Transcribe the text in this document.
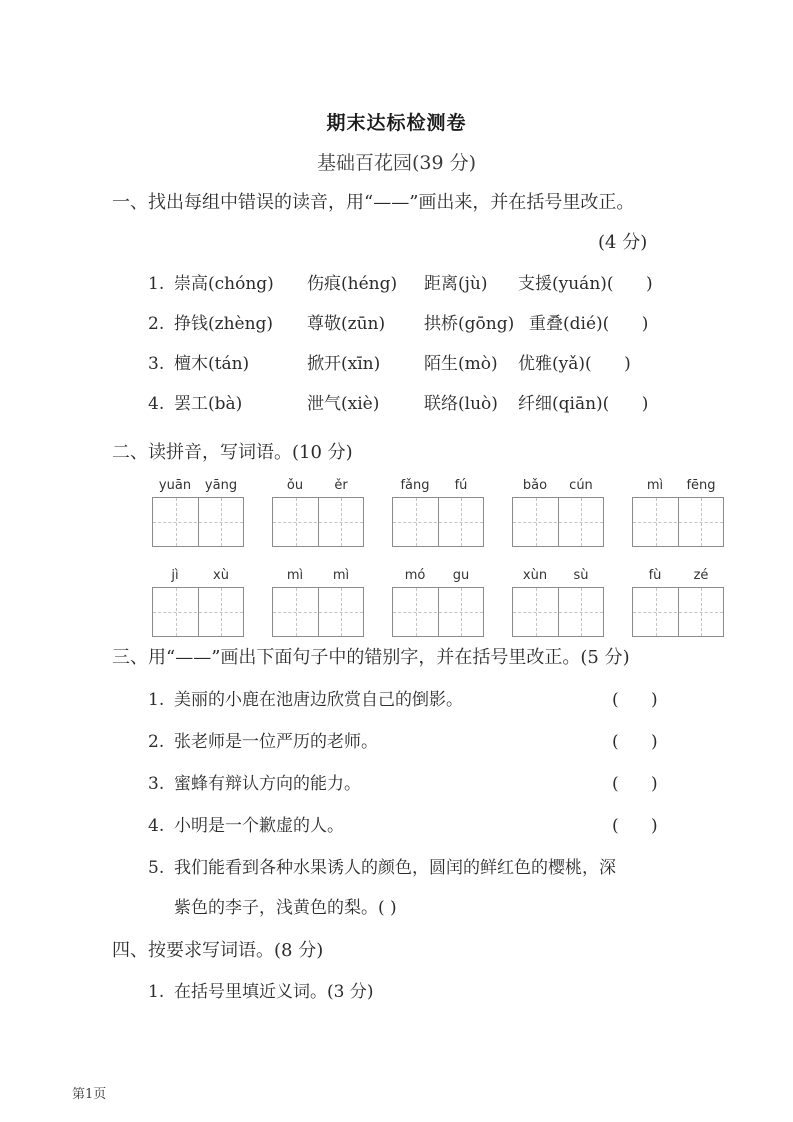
期末达标检测卷
基础百花园(39 分)
一、找出每组中错误的读音，用“——”画出来，并在括号里改正。
(4 分)
1. 崇高(chóng) 伤痕(héng) 距离(jù) 支援(yuán)(      )
2. 挣钱(zhèng) 尊敬(zūn) 拱桥(gōng) 重叠(dié)(      )
3. 檀木(tán)	掀开(xīn)	陌生(mò) 优雅(yǎ)(      )
4. 罢工(bà)	泄气(xiè)	联络(luò) 纤细(qiān)(      )
二、读拼音，写词语。(10 分)
yuān	yāng	ǒu	ěr	fǎng	fú	bǎo	cún	mì	fēng
jì	xù	mì	mì	mó	gu	xùn	sù	fù	zé
三、用“——”画出下面句子中的错别字，并在括号里改正。(5 分)
1. 美丽的小鹿在池唐边欣赏自己的倒影。	(      )
2. 张老师是一位严历的老师。	(      )
3. 蜜蜂有辩认方向的能力。	(      )
4. 小明是一个歉虚的人。	(      )
5. 我们能看到各种水果诱人的颜色，圆闰的鲜红色的樱桃，深
紫色的李子，浅黄色的梨。( )
四、按要求写词语。(8 分)
1. 在括号里填近义词。(3 分)
第1页
